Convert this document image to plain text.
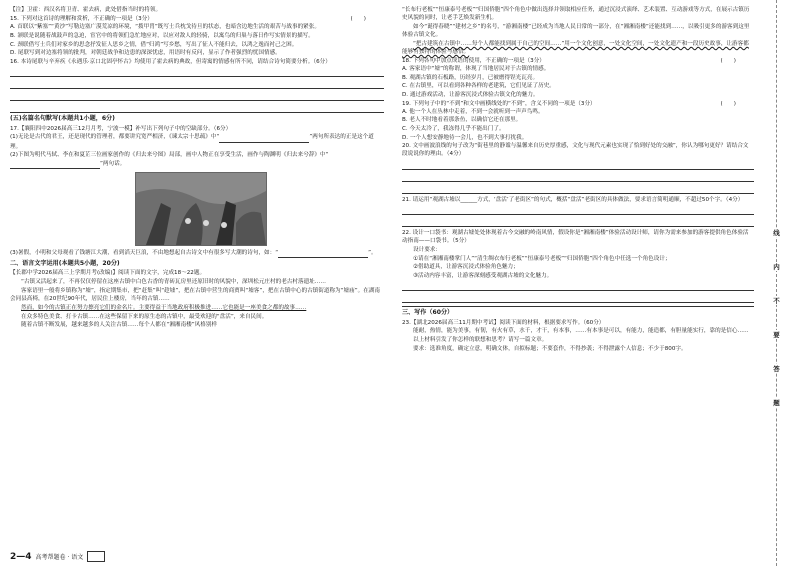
【注】卫霍：西汉名将卫青、霍去病，此处借指当时的将领。

15. 下列对这首诗的理解和赏析，不正确的一项是（3分）	(　　)

A. 首联以“紫塞”“黄沙”写勒边塞广漠荒凉的环境，“拨甲胄”既写士兵枕戈待旦的状态，也暗含边地生活的艰苦与战事的紧张。

B. 颔联是说随着战鼓声的急迫，宦官中的将领们急忙地应对，以应对敌人的轻骑，以寓鸟的归巢与落日作写实情景的描写。

C. 颈联借写士兵们对家乡的思念抒发征人思乡之情，借“归鸿”写乡愁，写出了征人不能归去，以鸿之逸而衬己之困。

D. 尾联写到对边塞将领的批判，对朝廷战争和边患的深深忧虑，用语时有反问，显示了作者强烈的忧国情感。

16. 本诗尾联与辛弃疾《永遇乐·京口北固亭怀古》均使用了霍去病的典故，但寄寓的情感有所不同，请结合诗句简要分析。（6分）

(五)名篇名句默写(本题共1小题，6分)

17.【襄阳四中2026届高三12月月考，宁波一模】补写出下列句子中的空缺部分。（6分）

(1)无论是古代的君王，还是现代的管理者，都要讲究宽严相济，《谏太宗十思疏》中“	”两句所表达的正是这个道理。

(2)下图为明代马轼、李在和夏芷三位画家创作的《归去来兮图》局部，画中人物正在享受生活，画作与陶渊明《归去来兮辞》中“ ”两句话。

(3)暑假，小明和父母观看了钱塘江大潮，看到滔天巨浪，不由地想起自古诗文中有很多写大潮的诗句，如：“	”。

二、语言文字运用(本题共5小题，20分)

【长郡中学2026届高三上学期月考(改编)】阅读下面的文字，完成18～22题。

“古镇又活起来了，不再仅仅停留在这座古镇中白色古香的青砖瓦房里还原旧时的风貌中，深圳松元庄村的老古村落遗址……

客家语里一般将乡镇称为“墟”，指定期集市，把“赶集”叫“趁墟”，把在古镇中营生的商贾叫“墟客”，把在古镇中心的古镇街道称为“墟庙”。在湖南会同县高椅，在20世纪90年代，居民住上楼房，当年的古镇……

然而，如今的古镇正在努力擦亮它们的金名片。主要得益于当地政府积极推进……它也能是一座美食之都的故事……

在众多特色美食、打卡古镇……在这些保留下来的原生态的古镇中，最受欢迎的“盘活”，来自民间。

随着古镇不断发展，越来越多的人关注古镇……每个人都在“湘湘南楼”风格别样

2—4 高考帮题卷 · 语文

“长布行老板”“恒康泰号老板”“归国侨胞”四个角色中做出选择并领取相应任务，通过沉浸式演绎、艺术装置、互动游戏等方式，在展示古镇历史风貌的同时，让老手艺焕发新生机。

如今“诞得春晓”“建材之乡”的名号，“游湘南楼”已经成为当地人民日常的一部分，在“湘湘南楼”还能找到……，以吸引更多的游客到这里体验古镇文化。

“把古建筑在古镇中……每个人都能找到属于自己的空间……”用一个文化创意，一处文化空间，一处文化遗产和一段历史故事，让游客都能够有独特的体验与感悟。

18. 下列各句中加点成语的使用，不正确的一项是（3分）	(　　)

A. 客家语中“墟”的称谓，体现了当地居民对于古镇的情感。

B. 观湖古镇的石板路，历经岁月，已被磨得锃光瓦亮。

C. 在古镇里，可以看到各种各样的老建筑，它们见证了历史。

D. 通过游戏活动，让游客沉浸式体验古镇文化的魅力。

19. 下列句子中的“不到”和文中画横线处的“不到”，含义不同的一项是（3分）	(　　)

A. 他一个人在丛林中走着，不到一会就听到一声声鸟鸣。

B. 老人不时地看着那条鱼，以确信它还在那里。

C. 今天太冷了，我冻得几乎不能出门了。

D. 一个人想安静地待一会儿，也不到大事打扰我。

20. 文中画波浪线的句子改为“街巷里的静谧与温馨来自历史厚重感，文化与现代元素也实现了恰到好处的交融”，你认为哪句更好？请结合文段说说你的理由。（4分）

21. 请运用“观湖古墟以______方式，‘盘活’了老街区”的句式，概括“盘活”老街区的具体做法，要求语言简明通顺，不超过50个字。（4分）

22. 设计一口袋书：观湖古墟处处体现着古今交融的岭南风情，假设你是“湘湘南楼”体验活动设计师，请你为需来参加的游客提供角色体验活动指南——口袋书。（5分）

设计要求：

①请在“湘湘南楼掌门人”“清生绸衣布行老板”“恒康泰号老板”“归国侨胞”四个角色中任选一个角色设计；

②借助道具，让游客沉浸式体验角色魅力；

③活动内容丰富，让游客深刻感受观湖古墟的文化魅力。

三、写作（60分）

23.【湖北2026届高三11月期中考试】阅读下面的材料，根据要求写作。（60分）

能耐，热情，能为美事，有韧，有火有草，水千，才干，有本事，……有本事是可以，有能力，能造都，有胆量能实行，靠的是信心……

以上材料引发了你怎样的联想和思考？请写一篇文章。

要求：选准角度，确定立意，明确文体，自拟标题；不要套作，不得抄袭；不得泄露个人信息；不少于800字。

线
内
不
要
答
题
